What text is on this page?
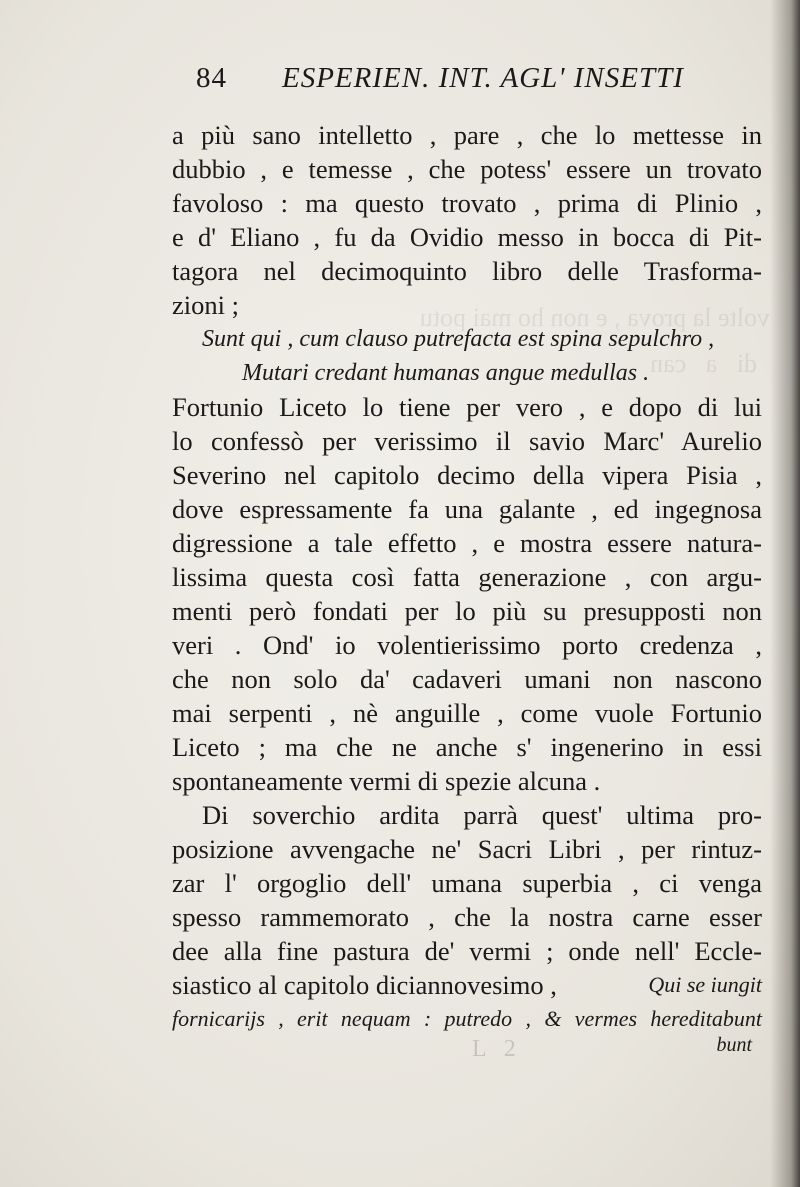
volte la prova , e non ho mai potu
di   a   can
84 ESPERIEN. INT. AGL' INSETTI
a più sano intelletto , pare , che lo mettesse in
dubbio , e temesse , che potess' essere un trovato
favoloso : ma questo trovato , prima di Plinio ,
e d' Eliano , fu da Ovidio messo in bocca di Pit-
tagora nel decimoquinto libro delle Trasforma-
zioni ;
Sunt qui , cum clauso putrefacta est spina sepulchro ,
Mutari credant humanas angue medullas .
Fortunio Liceto lo tiene per vero , e dopo di lui
lo confessò per verissimo il savio Marc' Aurelio
Severino nel capitolo decimo della vipera Pisia ,
dove espressamente fa una galante , ed ingegnosa
digressione a tale effetto , e mostra essere natura-
lissima questa così fatta generazione , con argu-
menti però fondati per lo più su presupposti non
veri . Ond' io volentierissimo porto credenza ,
che non solo da' cadaveri umani non nascono
mai serpenti , nè anguille , come vuole Fortunio
Liceto ; ma che ne anche s' ingenerino in essi
spontaneamente vermi di spezie alcuna .
Di soverchio ardita parrà quest' ultima pro-
posizione avvengache ne' Sacri Libri , per rintuz-
zar l' orgoglio dell' umana superbia , ci venga
spesso rammemorato , che la nostra carne esser
dee alla fine pastura de' vermi ; onde nell' Eccle-
siastico al capitolo diciannovesimo ,	Qui se iungit
fornicarijs , erit nequam : putredo , & vermes hereditabunt
L 2	bunt
